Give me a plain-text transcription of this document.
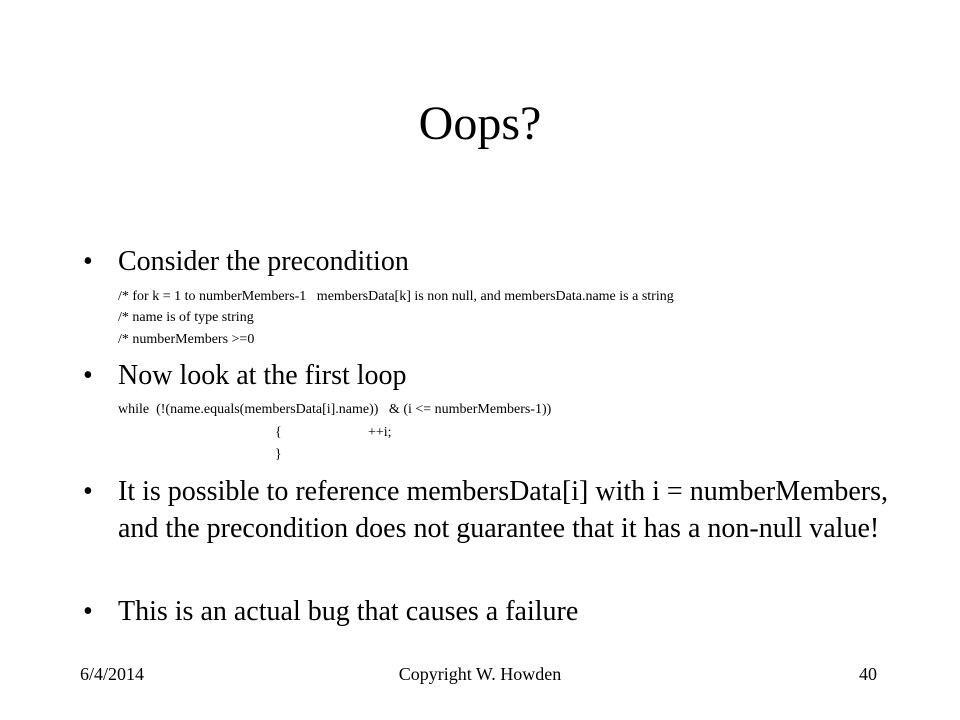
Oops?
• Consider the precondition
/* for k = 1 to numberMembers-1   membersData[k] is non null, and membersData.name is a string
/* name is of type string
/* numberMembers >=0
• Now look at the first loop
while  (!(name.equals(membersData[i].name))   & (i <= numberMembers-1))
{	++i;
}
• It is possible to reference membersData[i] with i = numberMembers, and the precondition does not guarantee that it has a non-null value!
• This is an actual bug that causes a failure
6/4/2014	Copyright W. Howden	40
